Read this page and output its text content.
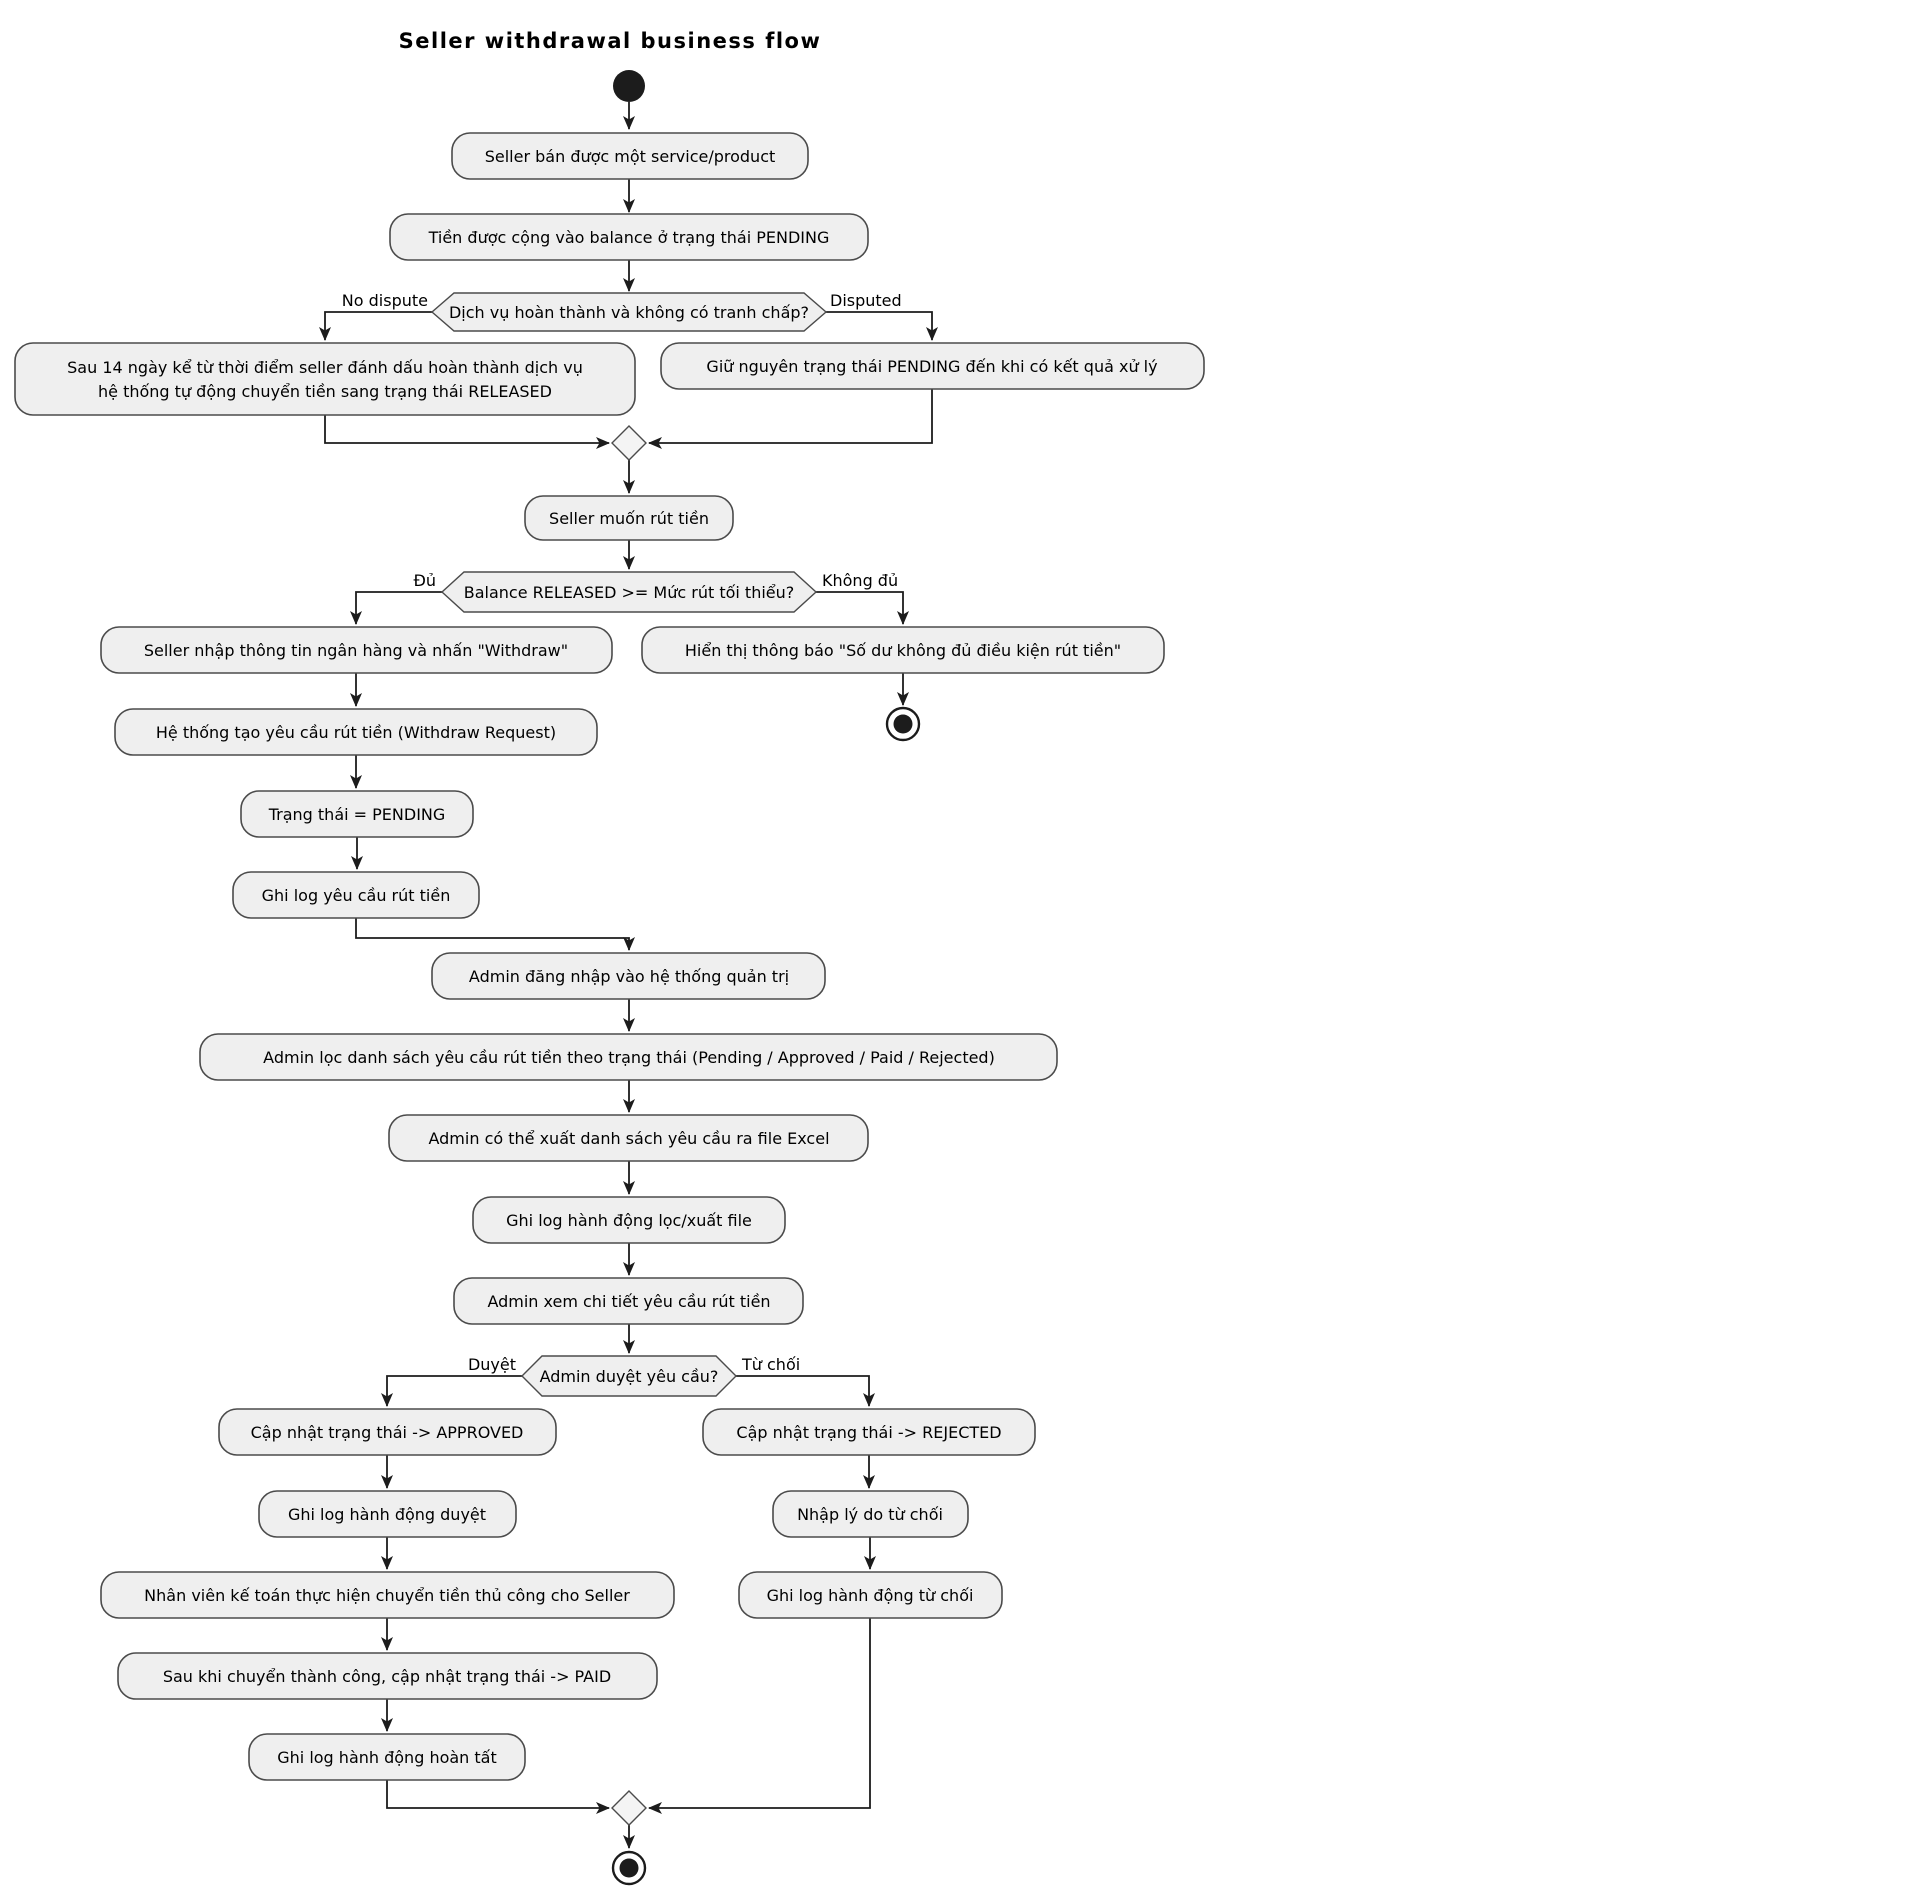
Seller withdrawal business flow
No dispute	Disputed
Đủ	Không đủ
Duyệt	Từ chối
Seller bán được một service/product
Tiền được cộng vào balance ở trạng thái PENDING
Dịch vụ hoàn thành và không có tranh chấp?
Sau 14 ngày kể từ thời điểm seller đánh dấu hoàn thành dịch vụ
hệ thống tự động chuyển tiền sang trạng thái RELEASED
Giữ nguyên trạng thái PENDING đến khi có kết quả xử lý
Seller muốn rút tiền
Balance RELEASED >= Mức rút tối thiểu?
Seller nhập thông tin ngân hàng và nhấn "Withdraw"	Hiển thị thông báo "Số dư không đủ điều kiện rút tiền"
Hệ thống tạo yêu cầu rút tiền (Withdraw Request)
Trạng thái = PENDING
Ghi log yêu cầu rút tiền
Admin đăng nhập vào hệ thống quản trị
Admin lọc danh sách yêu cầu rút tiền theo trạng thái (Pending / Approved / Paid / Rejected)
Admin có thể xuất danh sách yêu cầu ra file Excel
Ghi log hành động lọc/xuất file
Admin xem chi tiết yêu cầu rút tiền
Admin duyệt yêu cầu?
Cập nhật trạng thái -> APPROVED	Cập nhật trạng thái -> REJECTED
Ghi log hành động duyệt	Nhập lý do từ chối
Nhân viên kế toán thực hiện chuyển tiền thủ công cho Seller	Ghi log hành động từ chối
Sau khi chuyển thành công, cập nhật trạng thái -> PAID
Ghi log hành động hoàn tất
